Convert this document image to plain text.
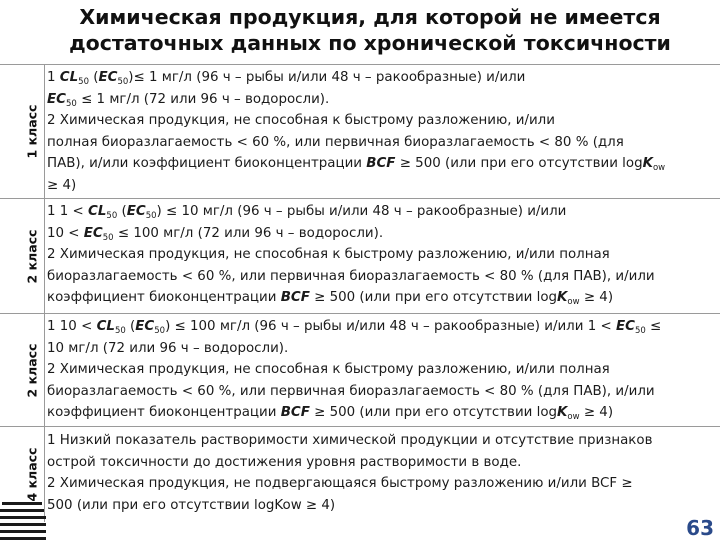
Химическая продукция, для которой не имеется
достаточных данных по хронической токсичности
1 класс
2 класс
2 класс
4 класс

1 $CL_{50}$ $(EC_{50})\le 1$ мг/л (96 ч – рыбы и/или 48 ч – ракообразные) и/или

$EC_{50} \le 1$ мг/л (72 или 96 ч – водоросли).

2 Химическая продукция, не способная к быстрому разложению, и/или

полная биоразлагаемость < 60 %, или первичная биоразлагаемость < 80 % (для

ПАВ), и/или коэффициент биоконцентрации BCF ≥ 500 (или при его отсутствии logK$_{ow}$

≥ 4)

1 $1 < CL_{50}$ $(EC_{50}) \le 10$ мг/л (96 ч – рыбы и/или 48 ч – ракообразные) и/или

$10 < EC_{50} \le 100$ мг/л (72 или 96 ч – водоросли).

2 Химическая продукция, не способная к быстрому разложению, и/или полная

биоразлагаемость < 60 %, или первичная биоразлагаемость < 80 % (для ПАВ), и/или

коэффициент биоконцентрации BCF ≥ 500 (или при его отсутствии logK$_{ow}$ ≥ 4)

1 $10 < CL_{50}$ $(EC_{50}) \le 100$ мг/л (96 ч – рыбы и/или 48 ч – ракообразные) и/или $1 < EC_{50}$ ≤

10 мг/л (72 или 96 ч – водоросли).

2 Химическая продукция, не способная к быстрому разложению, и/или полная

биоразлагаемость < 60 %, или первичная биоразлагаемость < 80 % (для ПАВ), и/или

коэффициент биоконцентрации BCF ≥ 500 (или при его отсутствии logK$_{ow}$ ≥ 4)

1 Низкий показатель растворимости химической продукции и отсутствие признаков

острой токсичности до достижения уровня растворимости в воде.

2 Химическая продукция, не подвергающаяся быстрому разложению и/или BCF ≥

500 (или при его отсутствии logKow ≥ 4)

63
